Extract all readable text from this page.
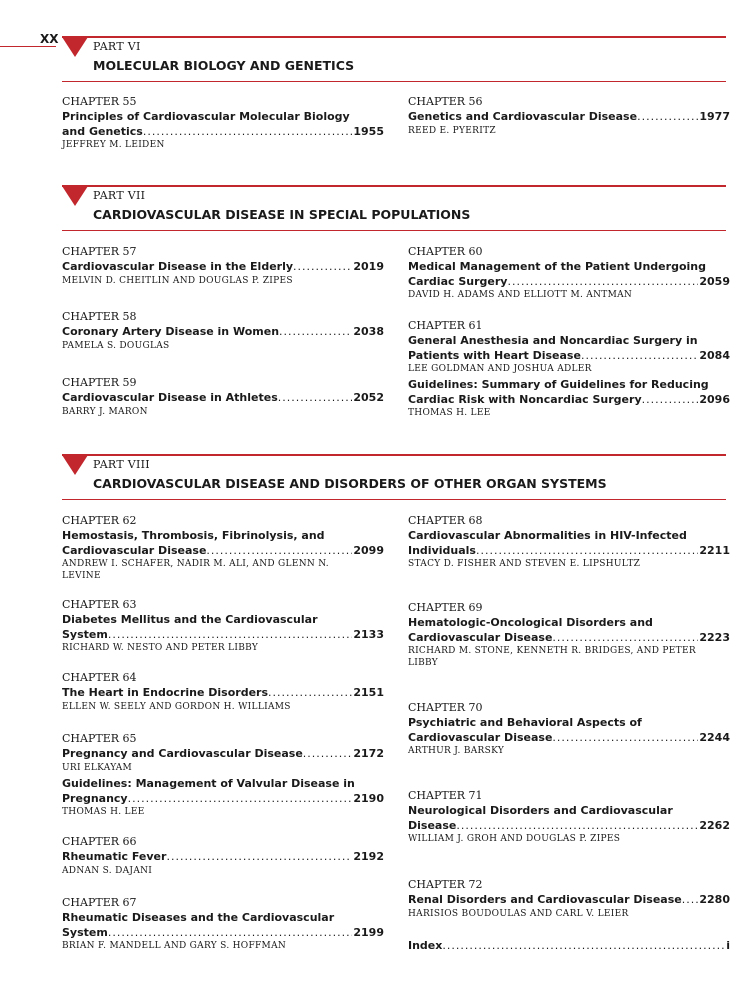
XX
PART VI
MOLECULAR BIOLOGY AND GENETICS
CHAPTER 55
Principles of Cardiovascular Molecular Biology
and Genetics .....	1955
JEFFREY M. LEIDEN
CHAPTER 56
Genetics and Cardiovascular Disease .....	1977
REED E. PYERITZ
PART VII
CARDIOVASCULAR DISEASE IN SPECIAL POPULATIONS
CHAPTER 57
Cardiovascular Disease in the Elderly .....	2019
MELVIN D. CHEITLIN AND DOUGLAS P. ZIPES
CHAPTER 58
Coronary Artery Disease in Women .....	2038
PAMELA S. DOUGLAS
CHAPTER 59
Cardiovascular Disease in Athletes .....	2052
BARRY J. MARON
CHAPTER 60
Medical Management of the Patient Undergoing
Cardiac Surgery .....	2059
DAVID H. ADAMS AND ELLIOTT M. ANTMAN
CHAPTER 61
General Anesthesia and Noncardiac Surgery in
Patients with Heart Disease .....	2084
LEE GOLDMAN AND JOSHUA ADLER
Guidelines: Summary of Guidelines for Reducing
Cardiac Risk with Noncardiac Surgery .....	2096
THOMAS H. LEE
PART VIII
CARDIOVASCULAR DISEASE AND DISORDERS OF OTHER ORGAN SYSTEMS
CHAPTER 62
Hemostasis, Thrombosis, Fibrinolysis, and
Cardiovascular Disease .....	2099
ANDREW I. SCHAFER, NADIR M. ALI, AND GLENN N. LEVINE
CHAPTER 63
Diabetes Mellitus and the Cardiovascular
System .....	2133
RICHARD W. NESTO AND PETER LIBBY
CHAPTER 64
The Heart in Endocrine Disorders .....	2151
ELLEN W. SEELY AND GORDON H. WILLIAMS
CHAPTER 65
Pregnancy and Cardiovascular Disease .....	2172
URI ELKAYAM
Guidelines: Management of Valvular Disease in
Pregnancy .....	2190
THOMAS H. LEE
CHAPTER 66
Rheumatic Fever .....	2192
ADNAN S. DAJANI
CHAPTER 67
Rheumatic Diseases and the Cardiovascular
System .....	2199
BRIAN F. MANDELL AND GARY S. HOFFMAN
CHAPTER 68
Cardiovascular Abnormalities in HIV-Infected
Individuals .....	2211
STACY D. FISHER AND STEVEN E. LIPSHULTZ
CHAPTER 69
Hematologic-Oncological Disorders and
Cardiovascular Disease .....	2223
RICHARD M. STONE, KENNETH R. BRIDGES, AND PETER LIBBY
CHAPTER 70
Psychiatric and Behavioral Aspects of
Cardiovascular Disease .....	2244
ARTHUR J. BARSKY
CHAPTER 71
Neurological Disorders and Cardiovascular
Disease .....	2262
WILLIAM J. GROH AND DOUGLAS P. ZIPES
CHAPTER 72
Renal Disorders and Cardiovascular Disease ..... 2280
HARISIOS BOUDOULAS AND CARL V. LEIER
Index .....	i
